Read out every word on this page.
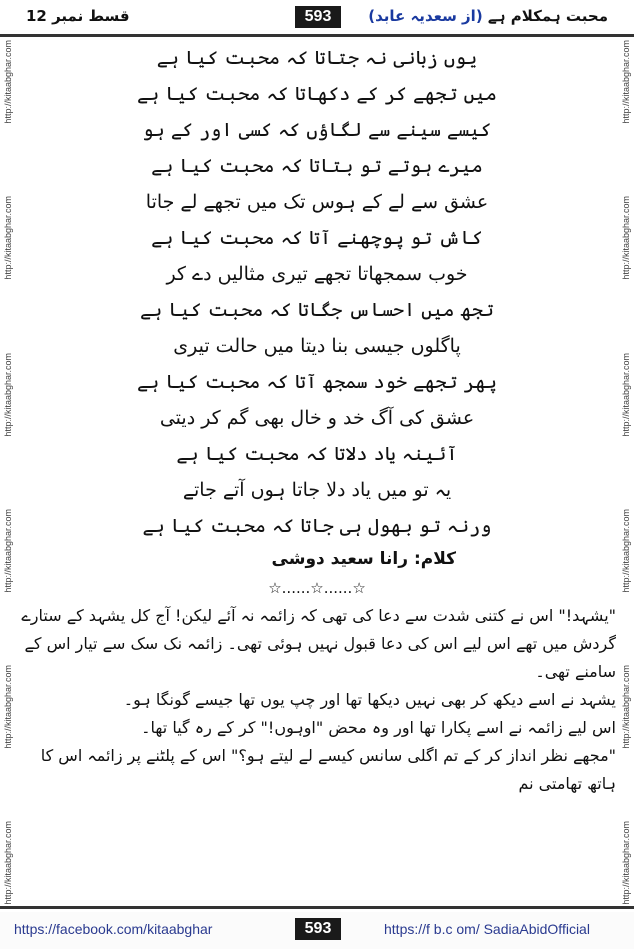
محبت ہمکلام ہے (از سعدیہ عابد)
593
قسط نمبر 12
http://kitaabghar.com
http://kitaabghar.com
http://kitaabghar.com
http://kitaabghar.com
http://kitaabghar.com
http://kitaabghar.com
http://kitaabghar.com
http://kitaabghar.com
http://kitaabghar.com
http://kitaabghar.com
http://kitaabghar.com
http://kitaabghar.com
یوں زبانی نہ جتاتا کہ محبت کیا ہے
میں تجھے کر کے دکھاتا کہ محبت کیا ہے
کیسے سینے سے لگاؤں کہ کسی اور کے ہو
میرے ہوتے تو بتاتا کہ محبت کیا ہے
عشق سے لے کے ہوس تک میں تجھے لے جاتا
کاش تو پوچھنے آتا کہ محبت کیا ہے
خوب سمجھاتا تجھے تیری مثالیں دے کر
تجھ میں احساس جگاتا کہ محبت کیا ہے
پاگلوں جیسی بنا دیتا میں حالت تیری
پھر تجھے خود سمجھ آتا کہ محبت کیا ہے
عشق کی آگ خد و خال بھی گم کر دیتی
آئینہ یاد دلاتا کہ محبت کیا ہے
یہ تو میں یاد دلا جاتا ہوں آتے جاتے
ورنہ تو بھول ہی جاتا کہ محبت کیا ہے
کلام: رانا سعید دوشی
☆......☆......☆
"یشہد!" اس نے کتنی شدت سے دعا کی تھی کہ زائمہ نہ آئے لیکن! آج کل یشہد کے ستارے
گردش میں تھے اس لیے اس کی دعا قبول نہیں ہوئی تھی۔ زائمہ نک سک سے تیار اس کے سامنے تھی۔
یشہد نے اسے دیکھ کر بھی نہیں دیکھا تھا اور چپ یوں تھا جیسے گونگا ہو۔
اس لیے زائمہ نے اسے پکارا تھا اور وہ محض "اوہوں!" کر کے رہ گیا تھا۔
"مجھے نظر انداز کر کے تم اگلی سانس کیسے لے لیتے ہو؟" اس کے پلٹنے پر زائمہ اس کا ہاتھ تھامتی نم
https://facebook.com/kitaabghar	593	https://f b.c om/ SadiaAbidOfficial
